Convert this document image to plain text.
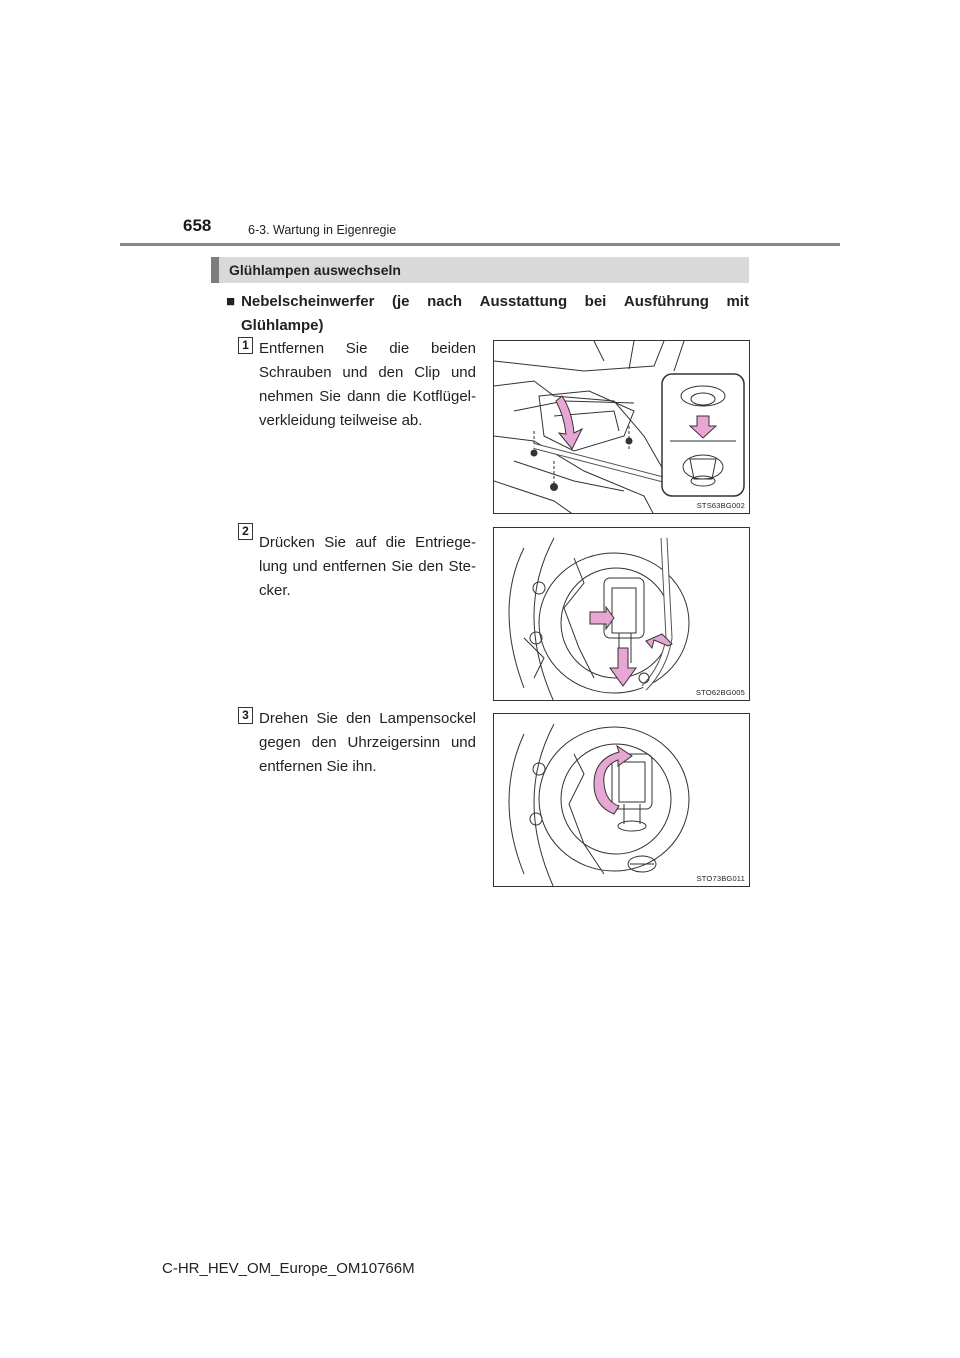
658	6-3. Wartung in Eigenregie
Glühlampen auswechseln
■ Nebelscheinwerfer (je nach Ausstattung bei Ausführung mit
Glühlampe)
1 Entfernen Sie die beiden
Schrauben und den Clip und
nehmen Sie dann die Kotflügel-
verkleidung teilweise ab.
STS63BG002
2
Drücken Sie auf die Entriege-
lung und entfernen Sie den Ste-
cker.
STO62BG005
3 Drehen Sie den Lampensockel
gegen den Uhrzeigersinn und
entfernen Sie ihn.
STO73BG011
C-HR_HEV_OM_Europe_OM10766M
